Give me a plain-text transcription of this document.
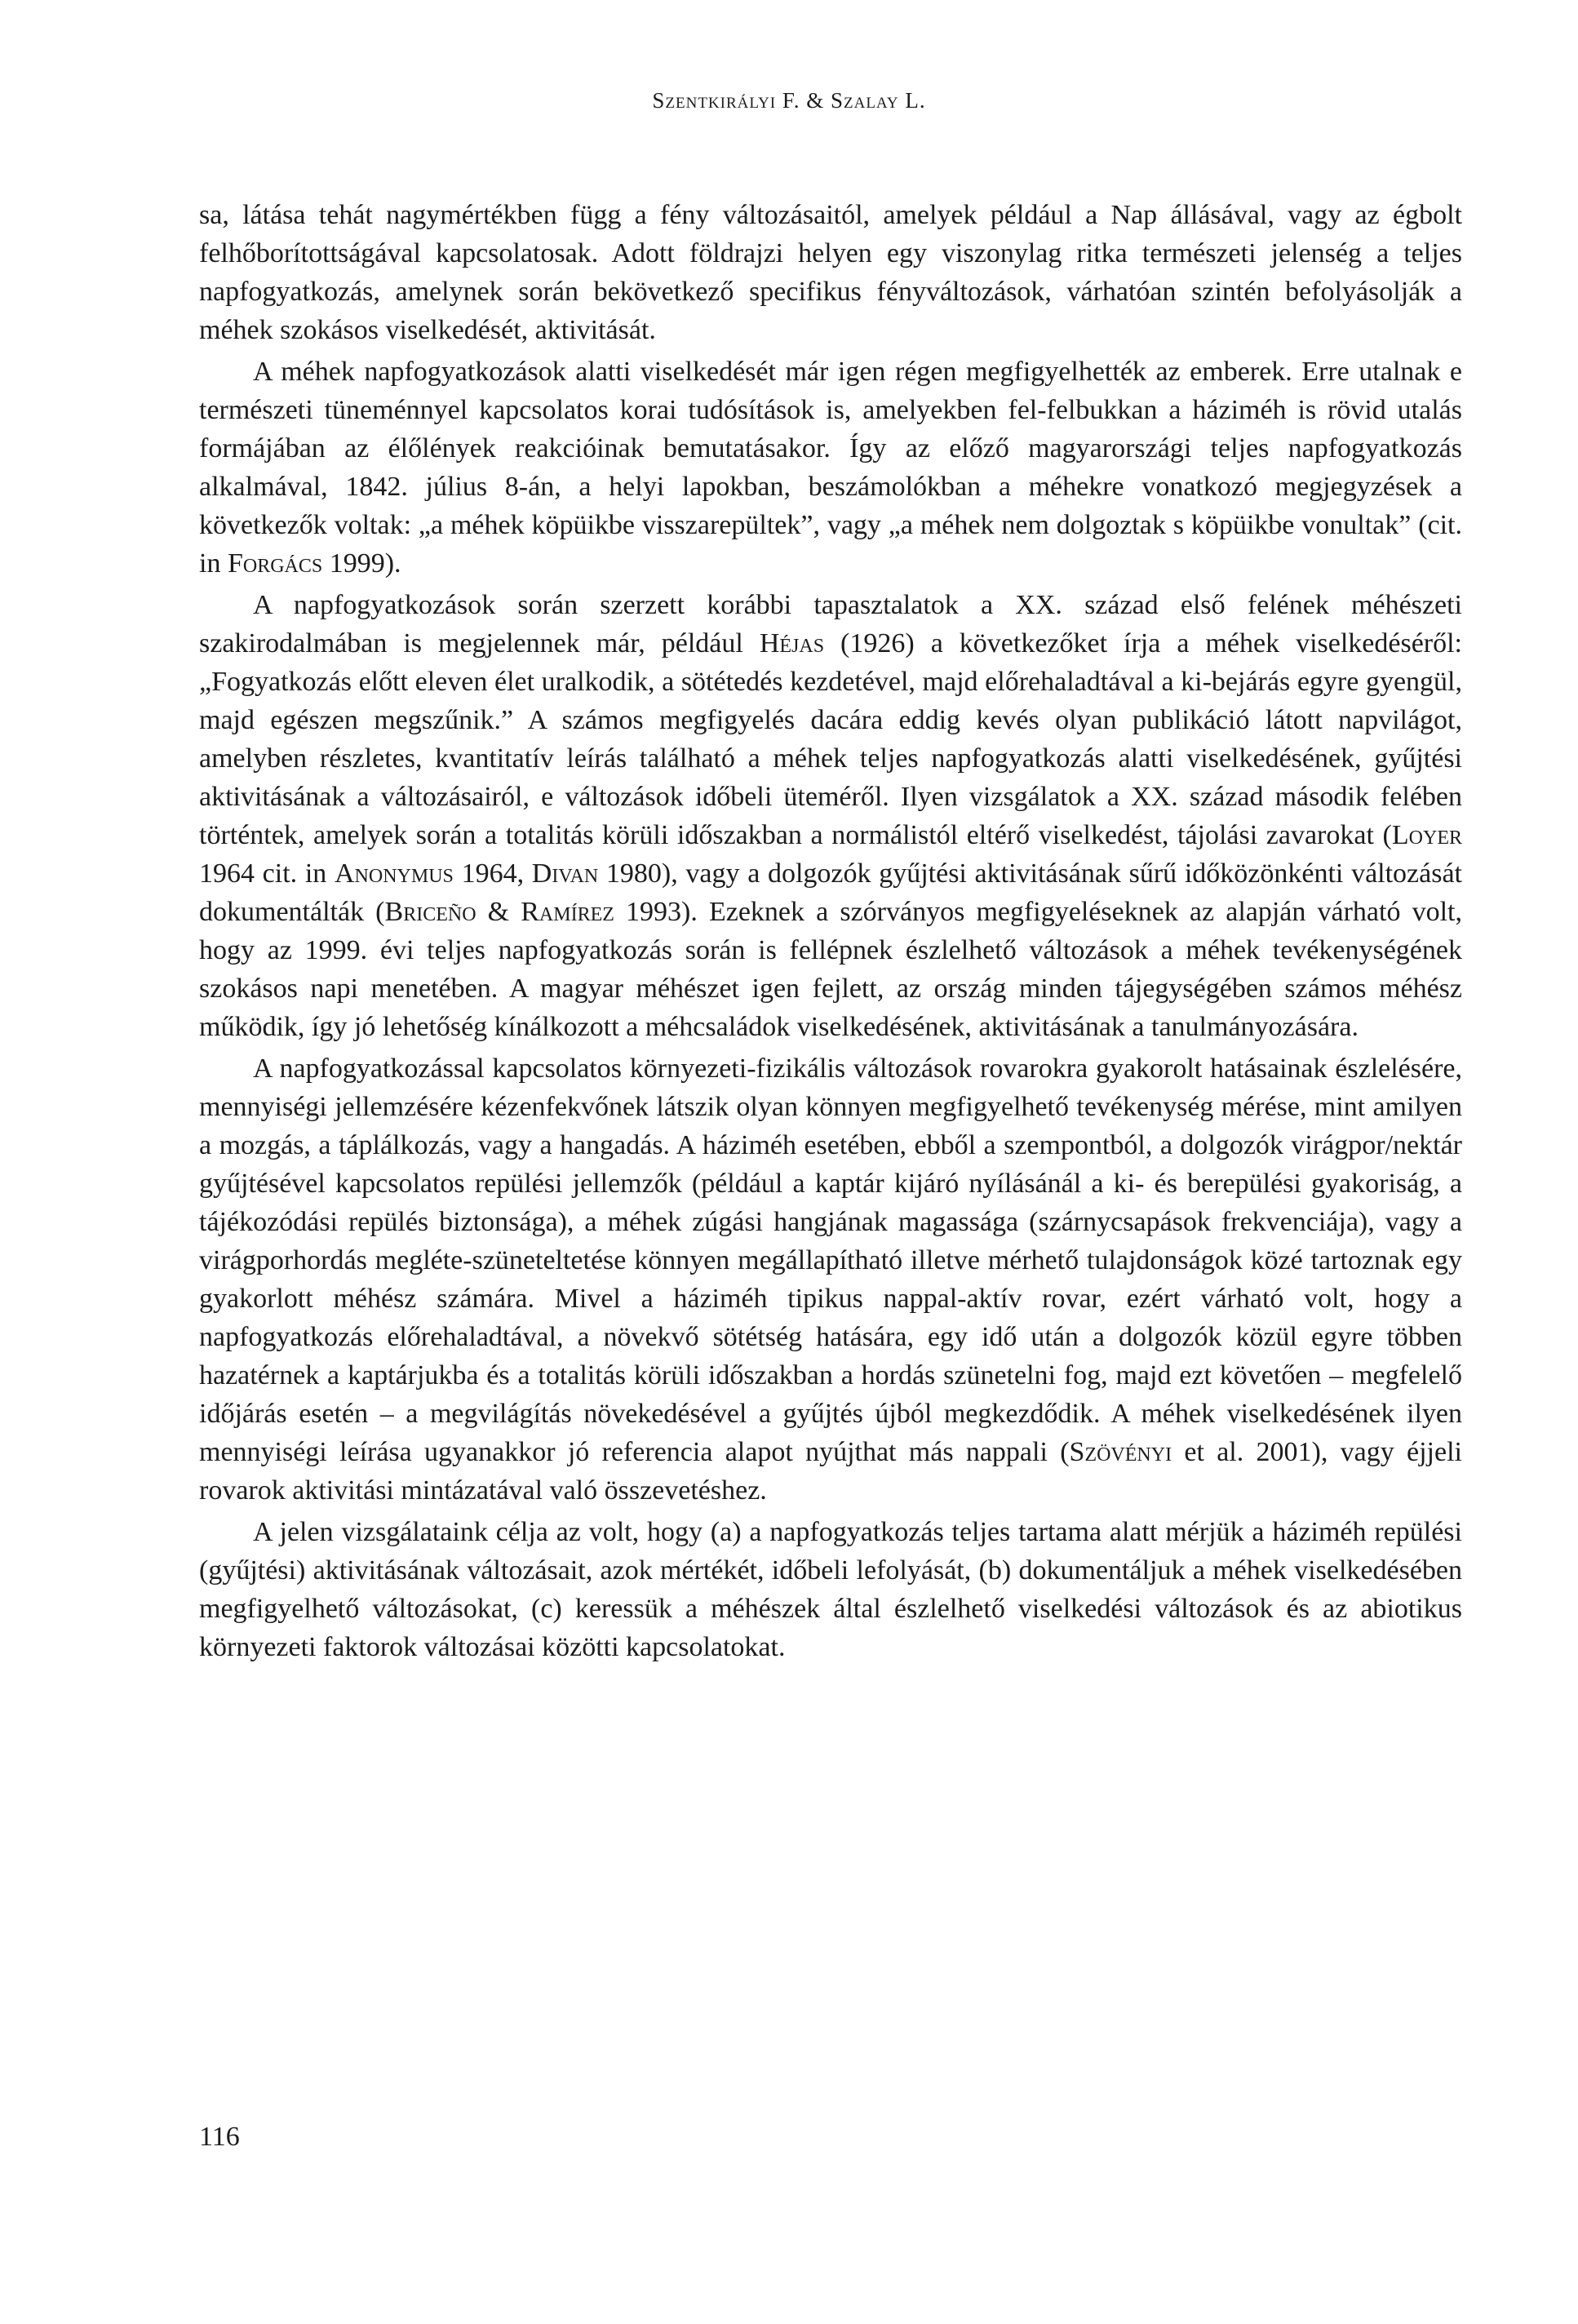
Szentkirályi F. & Szalay L.

sa, látása tehát nagymértékben függ a fény változásaitól, amelyek például a Nap állásával, vagy az égbolt felhőborítottságával kapcsolatosak. Adott földrajzi helyen egy viszonylag ritka természeti jelenség a teljes napfogyatkozás, amelynek során bekövetkező specifikus fényváltozások, várhatóan szintén befolyásolják a méhek szokásos viselkedését, aktivitását.

A méhek napfogyatkozások alatti viselkedését már igen régen megfigyelhették az emberek. Erre utalnak e természeti tüneménnyel kapcsolatos korai tudósítások is, amelyekben fel-felbukkan a háziméh is rövid utalás formájában az élőlények reakcióinak bemutatásakor. Így az előző magyarországi teljes napfogyatkozás alkalmával, 1842. július 8-án, a helyi lapokban, beszámolókban a méhekre vonatkozó megjegyzések a következők voltak: „a méhek köpüikbe visszarepültek”, vagy „a méhek nem dolgoztak s köpüikbe vonultak” (cit. in Forgács 1999).

A napfogyatkozások során szerzett korábbi tapasztalatok a XX. század első felének méhészeti szakirodalmában is megjelennek már, például Héjas (1926) a következőket írja a méhek viselkedéséről: „Fogyatkozás előtt eleven élet uralkodik, a sötétedés kezdetével, majd előrehaladtával a ki-bejárás egyre gyengül, majd egészen megszűnik.” A számos megfigyelés dacára eddig kevés olyan publikáció látott napvilágot, amelyben részletes, kvantitatív leírás található a méhek teljes napfogyatkozás alatti viselkedésének, gyűjtési aktivitásának a változásairól, e változások időbeli üteméről. Ilyen vizsgálatok a XX. század második felében történtek, amelyek során a totalitás körüli időszakban a normálistól eltérő viselkedést, tájolási zavarokat (Loyer 1964 cit. in Anonymus 1964, Divan 1980), vagy a dolgozók gyűjtési aktivitásának sűrű időközönkénti változását dokumentálták (Briceño & Ramírez 1993). Ezeknek a szórványos megfigyeléseknek az alapján várható volt, hogy az 1999. évi teljes napfogyatkozás során is fellépnek észlelhető változások a méhek tevékenységének szokásos napi menetében. A magyar méhészet igen fejlett, az ország minden tájegységében számos méhész működik, így jó lehetőség kínálkozott a méhcsaládok viselkedésének, aktivitásának a tanulmányozására.

A napfogyatkozással kapcsolatos környezeti-fizikális változások rovarokra gyakorolt hatásainak észlelésére, mennyiségi jellemzésére kézenfekvőnek látszik olyan könnyen megfigyelhető tevékenység mérése, mint amilyen a mozgás, a táplálkozás, vagy a hangadás. A háziméh esetében, ebből a szempontból, a dolgozók virágpor/nektár gyűjtésével kapcsolatos repülési jellemzők (például a kaptár kijáró nyílásánál a ki- és berepülési gyakoriság, a tájékozódási repülés biztonsága), a méhek zúgási hangjának magassága (szárnycsapások frekvenciája), vagy a virágporhordás megléte-szüneteltetése könnyen megállapítható illetve mérhető tulajdonságok közé tartoznak egy gyakorlott méhész számára. Mivel a háziméh tipikus nappal-aktív rovar, ezért várható volt, hogy a napfogyatkozás előrehaladtával, a növekvő sötétség hatására, egy idő után a dolgozók közül egyre többen hazatérnek a kaptárjukba és a totalitás körüli időszakban a hordás szünetelni fog, majd ezt követően – megfelelő időjárás esetén – a megvilágítás növekedésével a gyűjtés újból megkezdődik. A méhek viselkedésének ilyen mennyiségi leírása ugyanakkor jó referencia alapot nyújthat más nappali (Szövényi et al. 2001), vagy éjjeli rovarok aktivitási mintázatával való összevetéshez.

A jelen vizsgálataink célja az volt, hogy (a) a napfogyatkozás teljes tartama alatt mérjük a háziméh repülési (gyűjtési) aktivitásának változásait, azok mértékét, időbeli lefolyását, (b) dokumentáljuk a méhek viselkedésében megfigyelhető változásokat, (c) keressük a méhészek által észlelhető viselkedési változások és az abiotikus környezeti faktorok változásai közötti kapcsolatokat.

116
